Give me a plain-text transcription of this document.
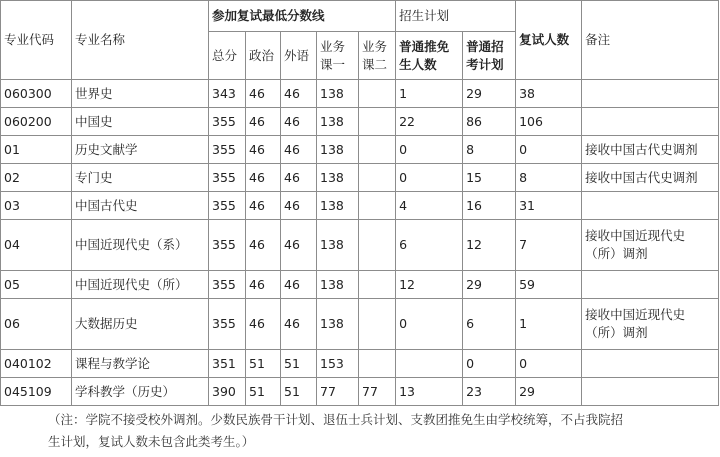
专业代码	专业名称	参加复试最低分数线					招生计划		复试人数	备注
		总分	政治	外语	业务课一	业务课二	普通推免生人数	普通招考计划		
060300	世界史	343	46	46	138		1	29	38	
060200	中国史	355	46	46	138		22	86	106	
01	历史文献学	355	46	46	138		0	8	0	接收中国古代史调剂
02	专门史	355	46	46	138		0	15	8	接收中国古代史调剂
03	中国古代史	355	46	46	138		4	16	31	
04	中国近现代史（系）	355	46	46	138		6	12	7	接收中国近现代史（所）调剂
05	中国近现代史（所）	355	46	46	138		12	29	59	
06	大数据历史	355	46	46	138		0	6	1	接收中国近现代史（所）调剂
040102	课程与教学论	351	51	51	153			0	0	
045109	学科教学（历史）	390	51	51	77	77	13	23	29	
（注：学院不接受校外调剂。少数民族骨干计划、退伍士兵计划、支教团推免生由学校统筹，不占我院招
生计划，复试人数未包含此类考生。）
